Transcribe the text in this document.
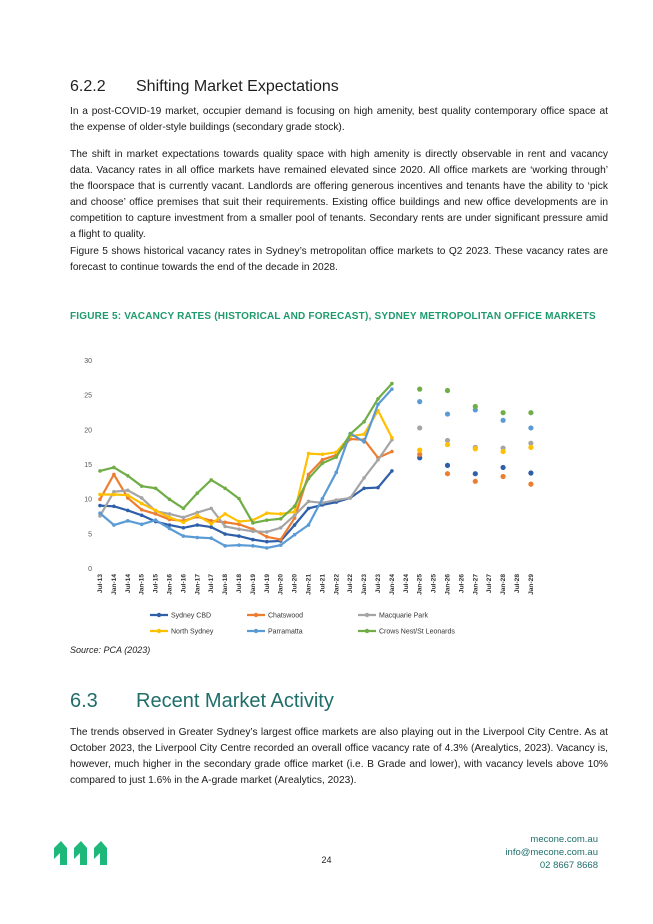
6.2.2 Shifting Market Expectations

In a post-COVID-19 market, occupier demand is focusing on high amenity, best quality contemporary office space at the expense of older-style buildings (secondary grade stock).

The shift in market expectations towards quality space with high amenity is directly observable in rent and vacancy data. Vacancy rates in all office markets have remained elevated since 2020. All office markets are ‘working through’ the floorspace that is currently vacant. Landlords are offering generous incentives and tenants have the ability to ‘pick and choose’ office premises that suit their requirements. Existing office buildings and new office developments are in competition to capture investment from a smaller pool of tenants. Secondary rents are under significant pressure amid a flight to quality.

Figure 5 shows historical vacancy rates in Sydney’s metropolitan office markets to Q2 2023. These vacancy rates are forecast to continue towards the end of the decade in 2028.

FIGURE 5: VACANCY RATES (HISTORICAL AND FORECAST), SYDNEY METROPOLITAN OFFICE MARKETS
0
5
10
15
20
25
30
Jul-13 Jan-14 Jul-14 Jan-15 Jul-15 Jan-16 Jul-16 Jan-17 Jul-17 Jan-18 Jul-18 Jan-19 Jul-19 Jan-20 Jul-20 Jan-21 Jul-21 Jan-22 Jul-22 Jan-23 Jul-23 Jan-24 Jul-24 Jan-25 Jul-25 Jan-26 Jul-26 Jan-27 Jul-27 Jan-28 Jul-28 Jan-29
Sydney CBD	Chatswood	Macquarie Park
North Sydney	Parramatta	Crows Nest/St Leonards
Source: PCA (2023)
6.3 Recent Market Activity

The trends observed in Greater Sydney’s largest office markets are also playing out in the Liverpool City Centre. As at October 2023, the Liverpool City Centre recorded an overall office vacancy rate of 4.3% (Arealytics, 2023). Vacancy is, however, much higher in the secondary grade office market (i.e. B Grade and lower), with vacancy levels above 10% compared to just 1.6% in the A-grade market (Arealytics, 2023).

24
mecone.com.au
info@mecone.com.au
02 8667 8668
